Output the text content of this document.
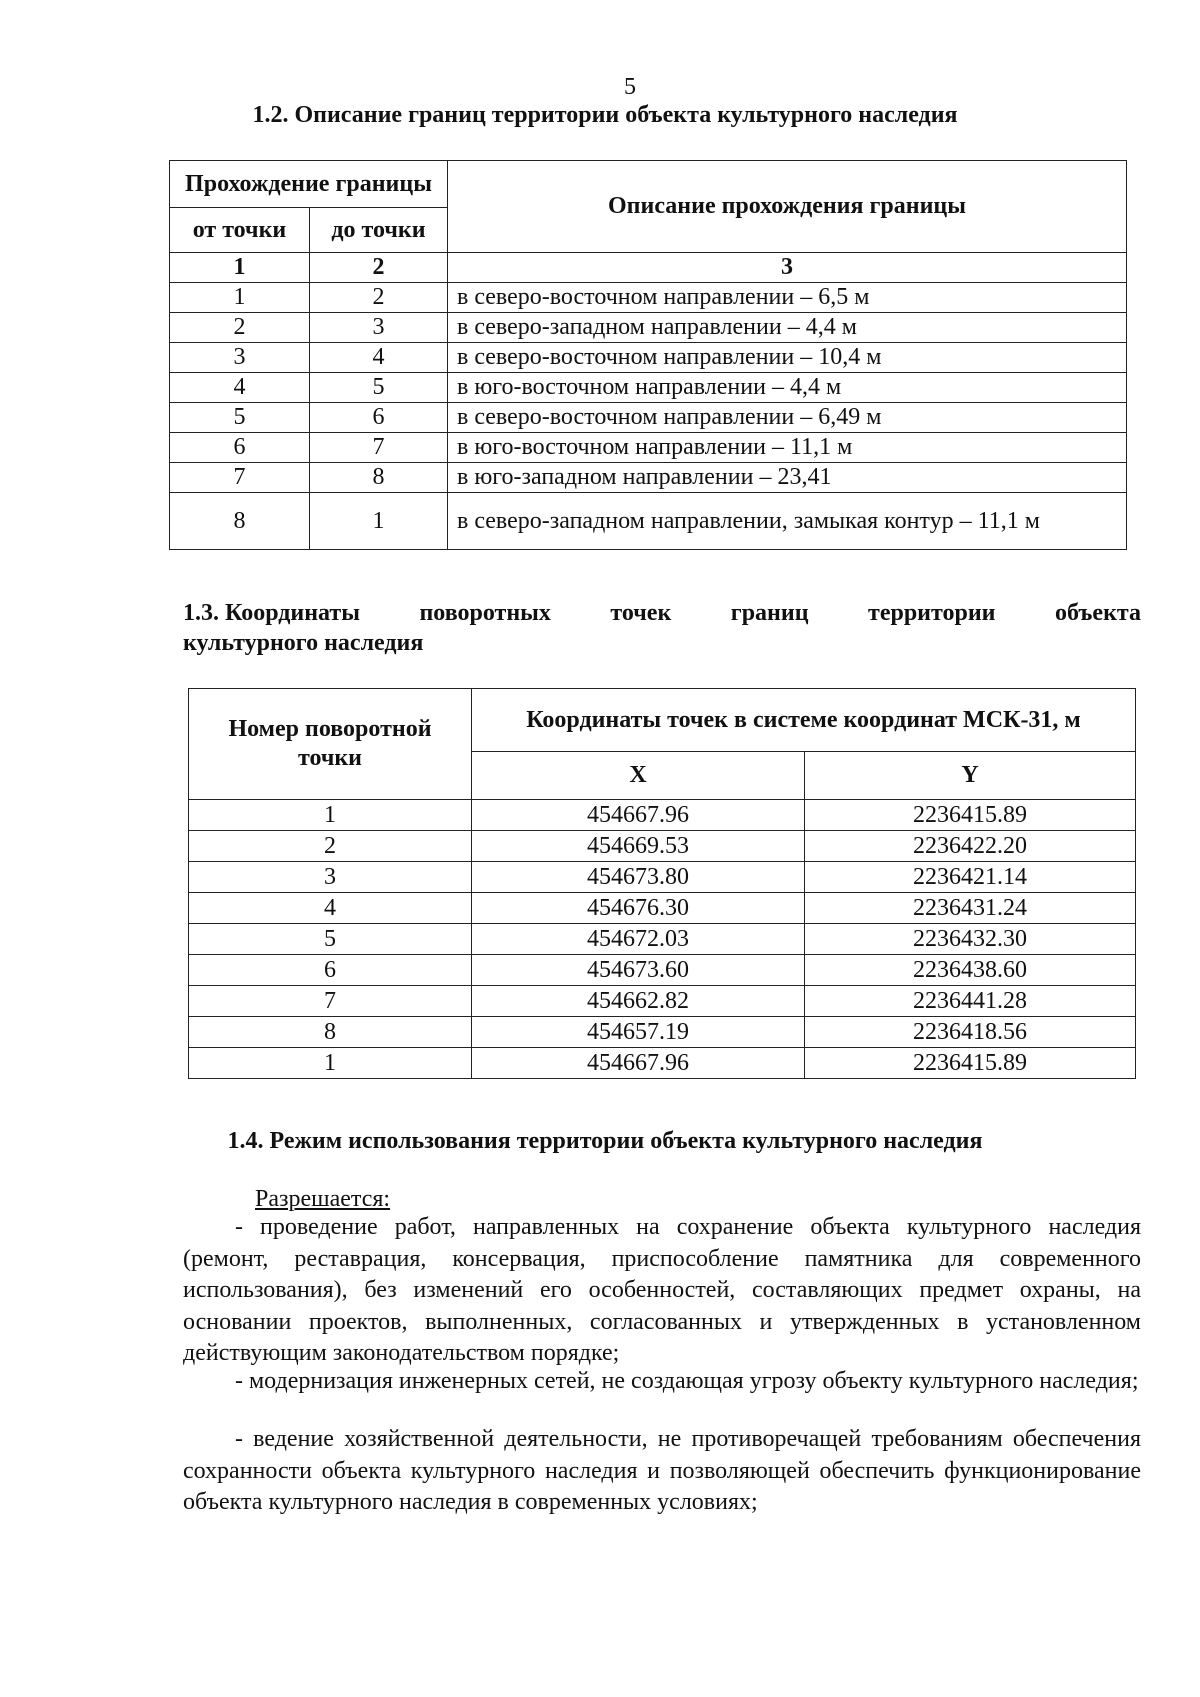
5
1.2. Описание границ территории объекта культурного наследия
Прохождение границы		Описание прохождения границы
от точки	до точки	
1	2	3
1	2	в северо-восточном направлении – 6,5 м
2	3	в северо-западном направлении – 4,4 м
3	4	в северо-восточном направлении – 10,4 м
4	5	в юго-восточном направлении – 4,4 м
5	6	в северо-восточном направлении – 6,49 м
6	7	в юго-восточном направлении – 11,1 м
7	8	в юго-западном направлении – 23,41
8	1	в северо-западном направлении, замыкая контур – 11,1 м
1.3. Координаты поворотных точек границ территории объекта
культурного наследия
Номер поворотной точки	Координаты точек в системе координат МСК-31, м	
	X	Y
1	454667.96	2236415.89
2	454669.53	2236422.20
3	454673.80	2236421.14
4	454676.30	2236431.24
5	454672.03	2236432.30
6	454673.60	2236438.60
7	454662.82	2236441.28
8	454657.19	2236418.56
1	454667.96	2236415.89
1.4. Режим использования территории объекта культурного наследия
Разрешается:
- проведение работ, направленных на сохранение объекта культурного наследия (ремонт, реставрация, консервация, приспособление памятника для современного использования), без изменений его особенностей, составляющих предмет охраны, на основании проектов, выполненных, согласованных и утвержденных в установленном действующим законодательством порядке;
- модернизация инженерных сетей, не создающая угрозу объекту культурного наследия;
- ведение хозяйственной деятельности, не противоречащей требованиям обеспечения сохранности объекта культурного наследия и позволяющей обеспечить функционирование объекта культурного наследия в современных условиях;
